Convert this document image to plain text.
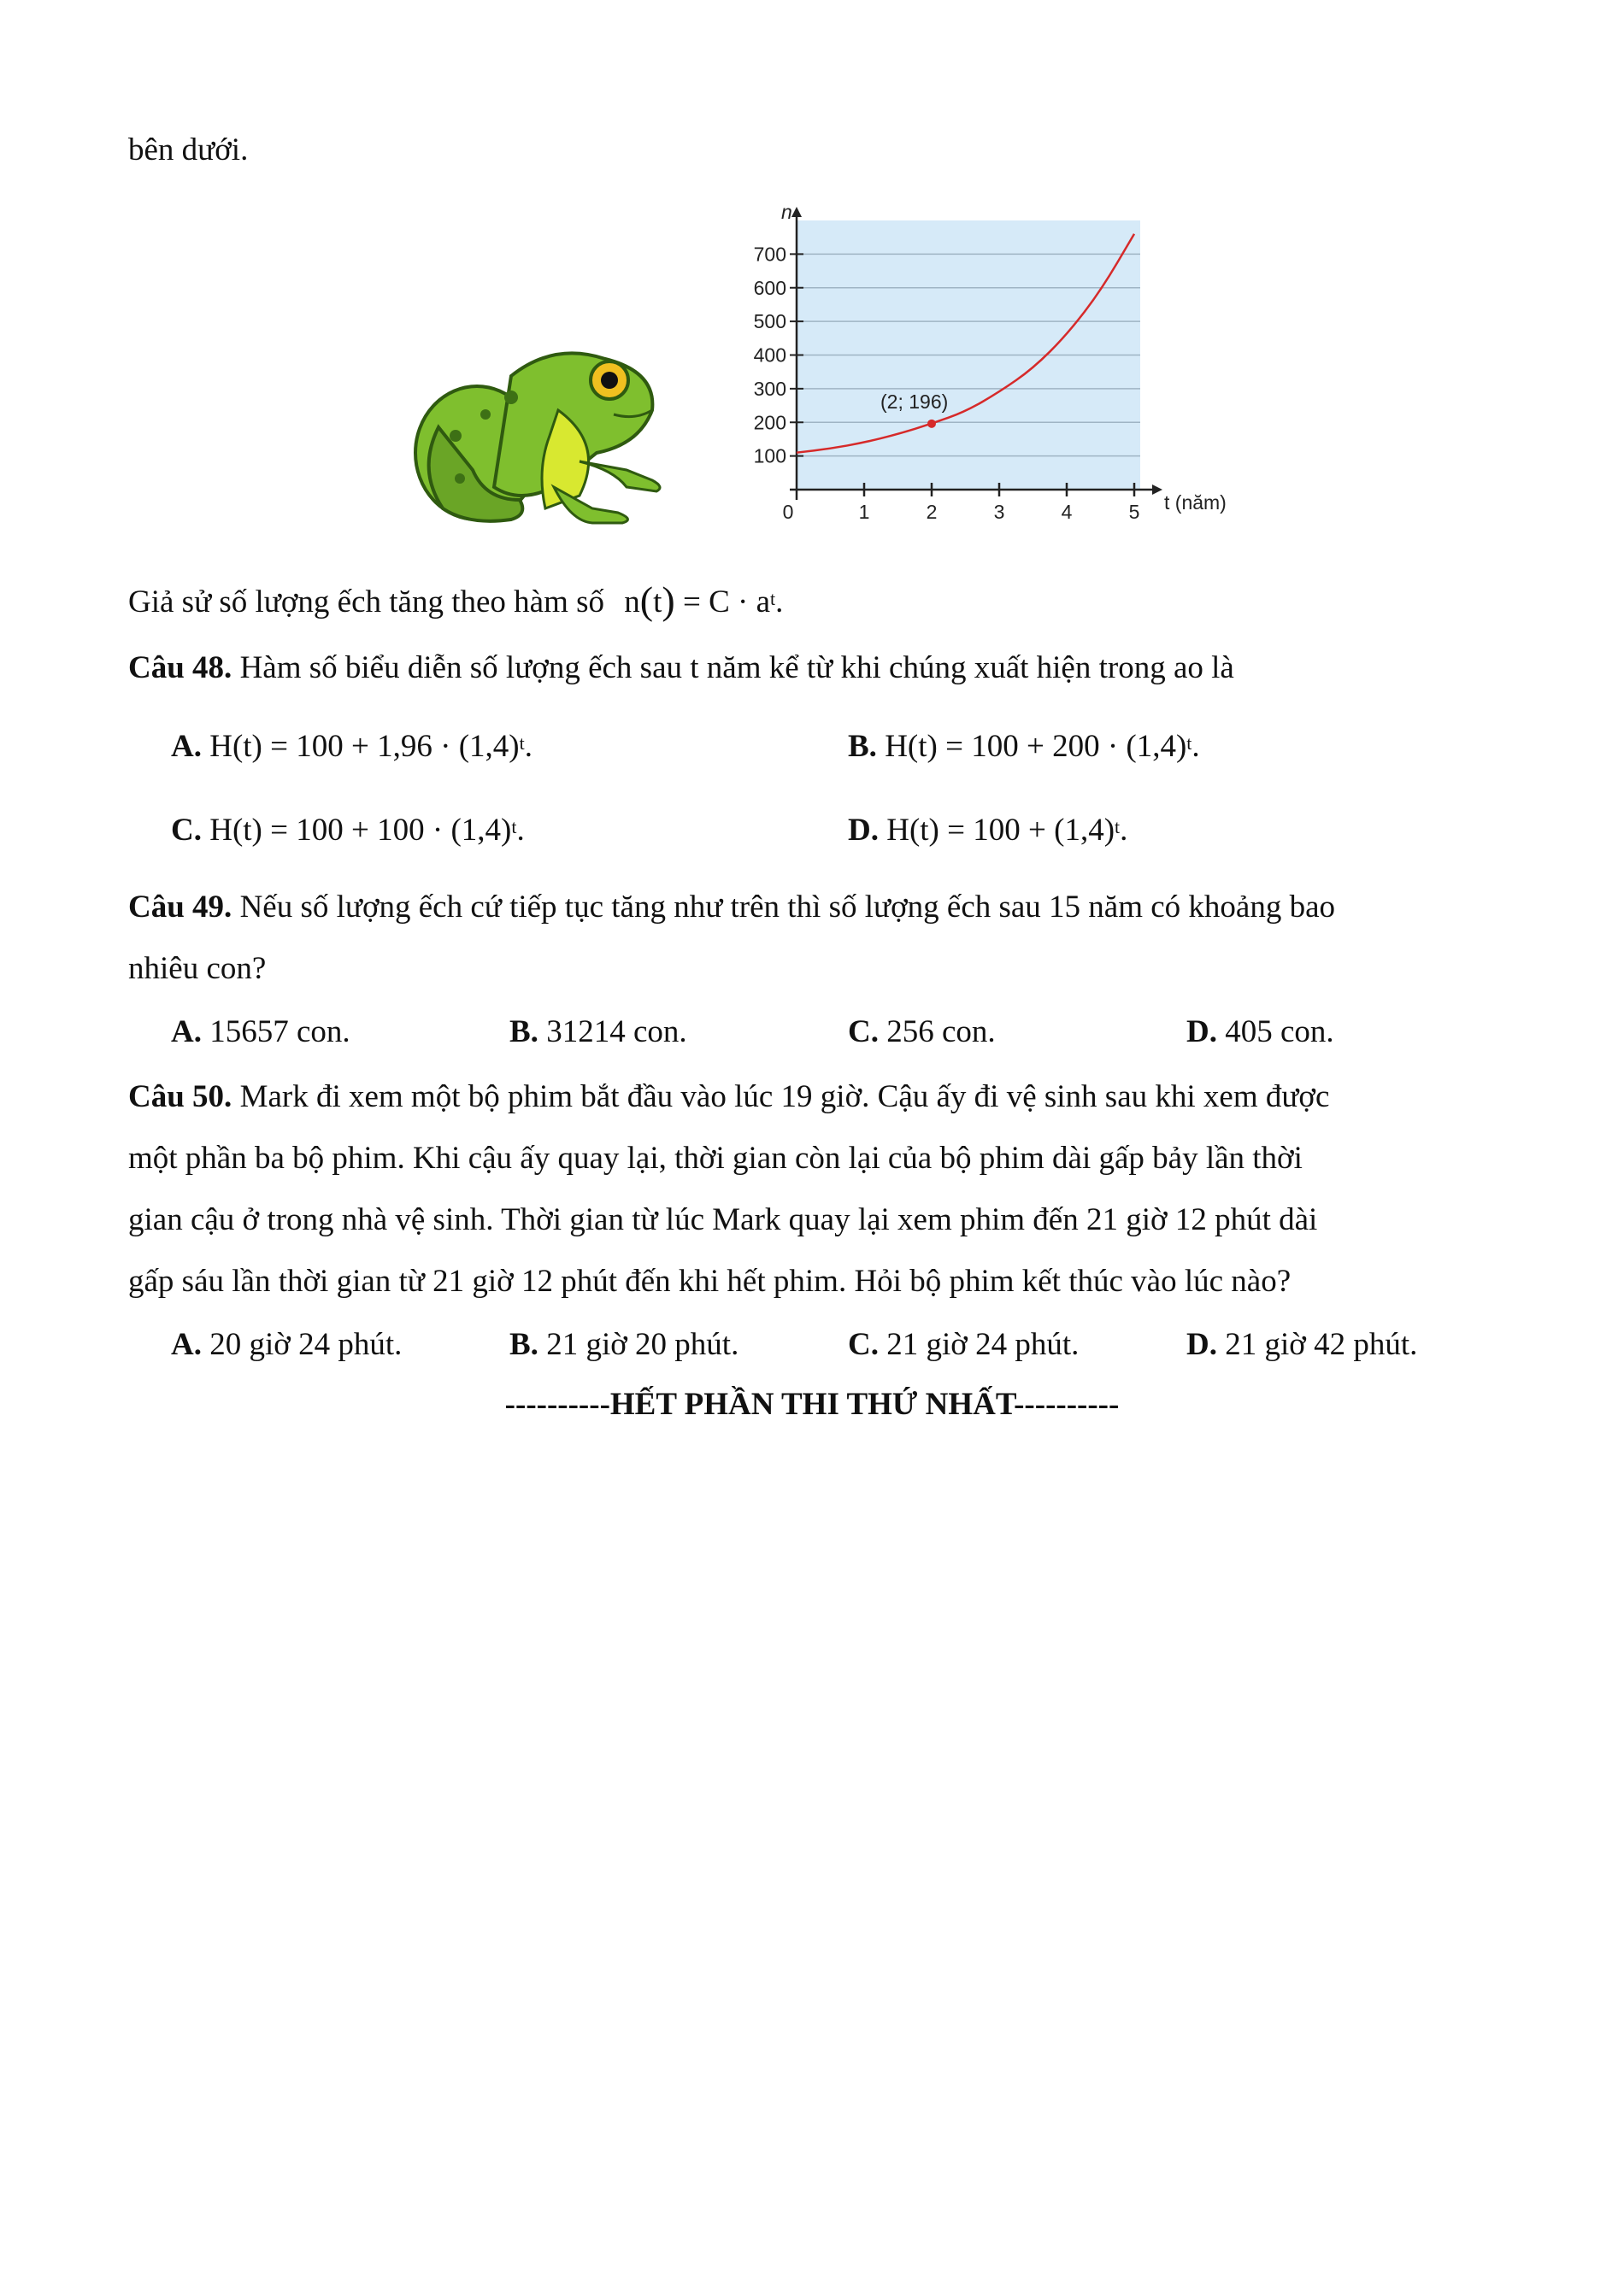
bên dưới.
100
200
300
400
500
600
700
0	1	2	3	4	5
(2; 196)
n
t (năm)
Giả sử số lượng ếch tăng theo hàm số $n(t) = C \cdot a^t$.
Câu 48. Hàm số biểu diễn số lượng ếch sau t năm kể từ khi chúng xuất hiện trong ao là
A. $H(t) = 100 + 1,96 \cdot (1,4)^t$.	B. $H(t) = 100 + 200 \cdot (1,4)^t$.
C. $H(t) = 100 + 100 \cdot (1,4)^t$.	D. $H(t) = 100 + (1,4)^t$.
Câu 49. Nếu số lượng ếch cứ tiếp tục tăng như trên thì số lượng ếch sau 15 năm có khoảng bao
nhiêu con?
A. 15657 con.	B. 31214 con.	C. 256 con.	D. 405 con.
Câu 50. Mark đi xem một bộ phim bắt đầu vào lúc 19 giờ. Cậu ấy đi vệ sinh sau khi xem được
một phần ba bộ phim. Khi cậu ấy quay lại, thời gian còn lại của bộ phim dài gấp bảy lần thời
gian cậu ở trong nhà vệ sinh. Thời gian từ lúc Mark quay lại xem phim đến 21 giờ 12 phút dài
gấp sáu lần thời gian từ 21 giờ 12 phút đến khi hết phim. Hỏi bộ phim kết thúc vào lúc nào?
A. 20 giờ 24 phút.	B. 21 giờ 20 phút.	C. 21 giờ 24 phút.	D. 21 giờ 42 phút.
----------HẾT PHẦN THI THỨ NHẤT----------
